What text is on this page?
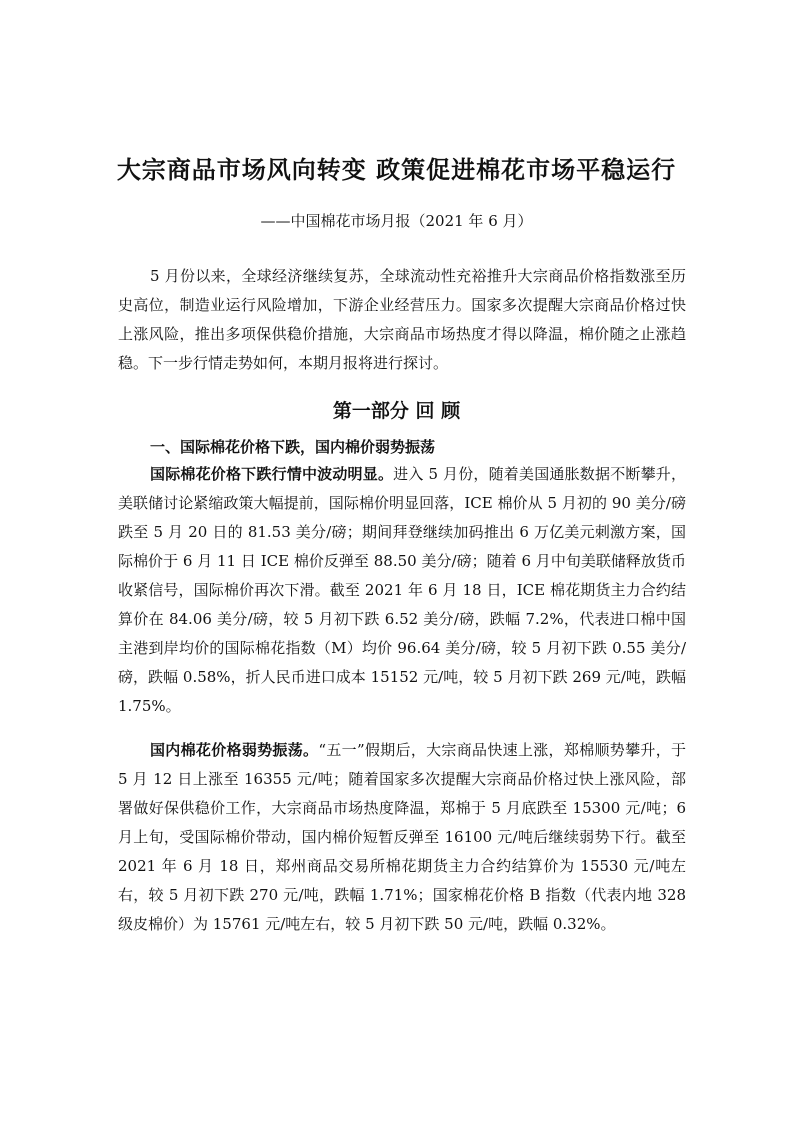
大宗商品市场风向转变 政策促进棉花市场平稳运行

——中国棉花市场月报（2021 年 6 月）

5 月份以来，全球经济继续复苏，全球流动性充裕推升大宗商品价格指数涨至历史高位，制造业运行风险增加，下游企业经营压力。国家多次提醒大宗商品价格过快上涨风险，推出多项保供稳价措施，大宗商品市场热度才得以降温，棉价随之止涨趋稳。下一步行情走势如何，本期月报将进行探讨。

第一部分 回 顾
一、国际棉花价格下跌，国内棉价弱势振荡

国际棉花价格下跌行情中波动明显。进入 5 月份，随着美国通胀数据不断攀升，美联储讨论紧缩政策大幅提前，国际棉价明显回落，ICE 棉价从 5 月初的 90 美分/磅跌至 5 月 20 日的 81.53 美分/磅；期间拜登继续加码推出 6 万亿美元刺激方案，国际棉价于 6 月 11 日 ICE 棉价反弹至 88.50 美分/磅；随着 6 月中旬美联储释放货币收紧信号，国际棉价再次下滑。截至 2021 年 6 月 18 日，ICE 棉花期货主力合约结算价在 84.06 美分/磅，较 5 月初下跌 6.52 美分/磅，跌幅 7.2%，代表进口棉中国主港到岸均价的国际棉花指数（M）均价 96.64 美分/磅，较 5 月初下跌 0.55 美分/磅，跌幅 0.58%，折人民币进口成本 15152 元/吨，较 5 月初下跌 269 元/吨，跌幅 1.75%。

国内棉花价格弱势振荡。“五一”假期后，大宗商品快速上涨，郑棉顺势攀升，于 5 月 12 日上涨至 16355 元/吨；随着国家多次提醒大宗商品价格过快上涨风险，部署做好保供稳价工作，大宗商品市场热度降温，郑棉于 5 月底跌至 15300 元/吨；6 月上旬，受国际棉价带动，国内棉价短暂反弹至 16100 元/吨后继续弱势下行。截至 2021 年 6 月 18 日，郑州商品交易所棉花期货主力合约结算价为 15530 元/吨左右，较 5 月初下跌 270 元/吨，跌幅 1.71%；国家棉花价格 B 指数（代表内地 328 级皮棉价）为 15761 元/吨左右，较 5 月初下跌 50 元/吨，跌幅 0.32%。
